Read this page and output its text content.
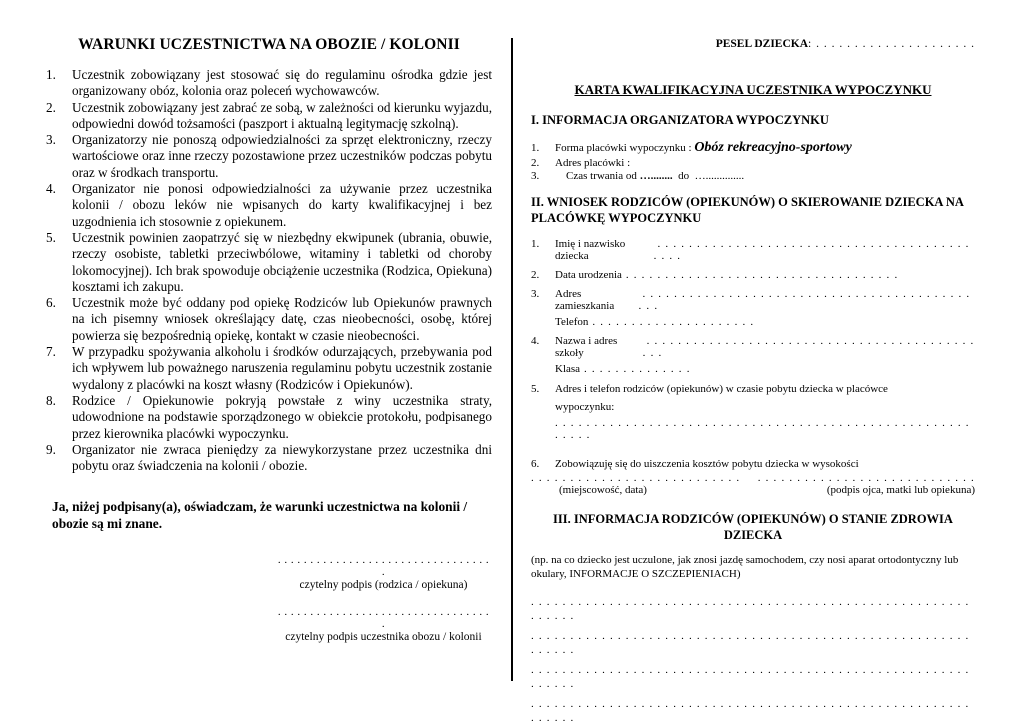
WARUNKI UCZESTNICTWA NA OBOZIE / KOLONII
1.	Uczestnik zobowiązany jest stosować się do regulaminu ośrodka gdzie jest organizowany obóz, kolonia oraz poleceń wychowawców.
2.	Uczestnik zobowiązany jest zabrać ze sobą, w zależności od kierunku wyjazdu, odpowiedni dowód tożsamości (paszport i aktualną legitymację szkolną).
3.	Organizatorzy nie ponoszą odpowiedzialności za sprzęt elektroniczny, rzeczy wartościowe oraz inne rzeczy pozostawione przez uczestników podczas pobytu oraz w środkach transportu.
4.	Organizator nie ponosi odpowiedzialności za używanie przez uczestnika kolonii / obozu leków nie wpisanych do karty kwalifikacyjnej i bez uzgodnienia ich stosownie z opiekunem.
5.	Uczestnik powinien zaopatrzyć się w niezbędny ekwipunek (ubrania, obuwie, rzeczy osobiste, tabletki przeciwbólowe, witaminy i tabletki od choroby lokomocyjnej). Ich brak spowoduje obciążenie uczestnika (Rodzica, Opiekuna) kosztami ich zakupu.
6.	Uczestnik może być oddany pod opiekę Rodziców lub Opiekunów prawnych na ich pisemny wniosek określający datę, czas nieobecności, osobę, której powierza się bezpośrednią opiekę, kontakt w czasie nieobecności.
7.	W przypadku spożywania alkoholu i środków odurzających, przebywania pod ich wpływem lub poważnego naruszenia regulaminu pobytu uczestnik zostanie wydalony z placówki na koszt własny (Rodziców i Opiekunów).
8.	Rodzice / Opiekunowie pokryją powstałe z winy uczestnika straty, udowodnione na podstawie sporządzonego w obiekcie protokołu, podpisanego przez kierownika placówki wypoczynku.
9.	Organizator nie zwraca pieniędzy za niewykorzystane przez uczestnika dni pobytu oraz świadczenia na kolonii / obozie.
Ja, niżej podpisany(a), oświadczam, że warunki uczestnictwa na kolonii / obozie są mi znane.
. . . . . . . . . . . . . . . . . . . . . . . . . . . . . . . . . .
czytelny podpis (rodzica / opiekuna)
. . . . . . . . . . . . . . . . . . . . . . . . . . . . . . . . . .
czytelny podpis uczestnika obozu / kolonii
PESEL DZIECKA: . . . . . . . . . . . . . . . . . . . . .
KARTA KWALIFIKACYJNA UCZESTNIKA WYPOCZYNKU
I. INFORMACJA ORGANIZATORA WYPOCZYNKU
1.	Forma placówki wypoczynku :
Obóz rekreacyjno-sportowy
2.	Adres placówki :
3.
	Czas trwania od
…........
do
…..............
II. WNIOSEK RODZICÓW (OPIEKUNÓW) O SKIEROWANIE DZIECKA NA PLACÓWKĘ WYPOCZYNKU
1.	Imię i nazwisko dziecka
. . . . . . . . . . . . . . . . . . . . . . . . . . . . . . . . . . . . . . . . . . . .
2.	Data urodzenia . . . . . . . . . . . . . . . . . . . . . . . . . . . . . . . . . . .
3.	Adres zamieszkania
. . . . . . . . . . . . . . . . . . . . . . . . . . . . . . . . . . . . . . . . . . . . .
Telefon . . . . . . . . . . . . . . . . . . . . .
4.	Nazwa i adres szkoły
. . . . . . . . . . . . . . . . . . . . . . . . . . . . . . . . . . . . . . . . . . . . .
Klasa . . . . . . . . . . . . . .
5.	Adres i telefon rodziców (opiekunów) w czasie pobytu dziecka w placówce
wypoczynku:
. . . . . . . . . . . . . . . . . . . . . . . . . . . . . . . . . . . . . . . . . . . . . . . . . . . . . . . . . .
6.	Zobowiązuję się do uiszczenia kosztów pobytu dziecka w wysokości
. . . . . . . . . . . . . . . . . . . . . . . . . . . . . . . . . . . . . . . . . . . . . . . . . . . . . . .
(miejscowość, data)	(podpis ojca, matki lub opiekuna)
III. INFORMACJA RODZICÓW (OPIEKUNÓW) O STANIE ZDROWIA DZIECKA
(np. na co dziecko jest uczulone, jak znosi jazdę samochodem, czy nosi aparat ortodontyczny lub okulary, INFORMACJE O SZCZEPIENIACH)
. . . . . . . . . . . . . . . . . . . . . . . . . . . . . . . . . . . . . . . . . . . . . . . . . . . . . . . . . . . . . .
. . . . . . . . . . . . . . . . . . . . . . . . . . . . . . . . . . . . . . . . . . . . . . . . . . . . . . . . . . . . . .
. . . . . . . . . . . . . . . . . . . . . . . . . . . . . . . . . . . . . . . . . . . . . . . . . . . . . . . . . . . . . .
. . . . . . . . . . . . . . . . . . . . . . . . . . . . . . . . . . . . . . . . . . . . . . . . . . . . . . . . . . . . . .
